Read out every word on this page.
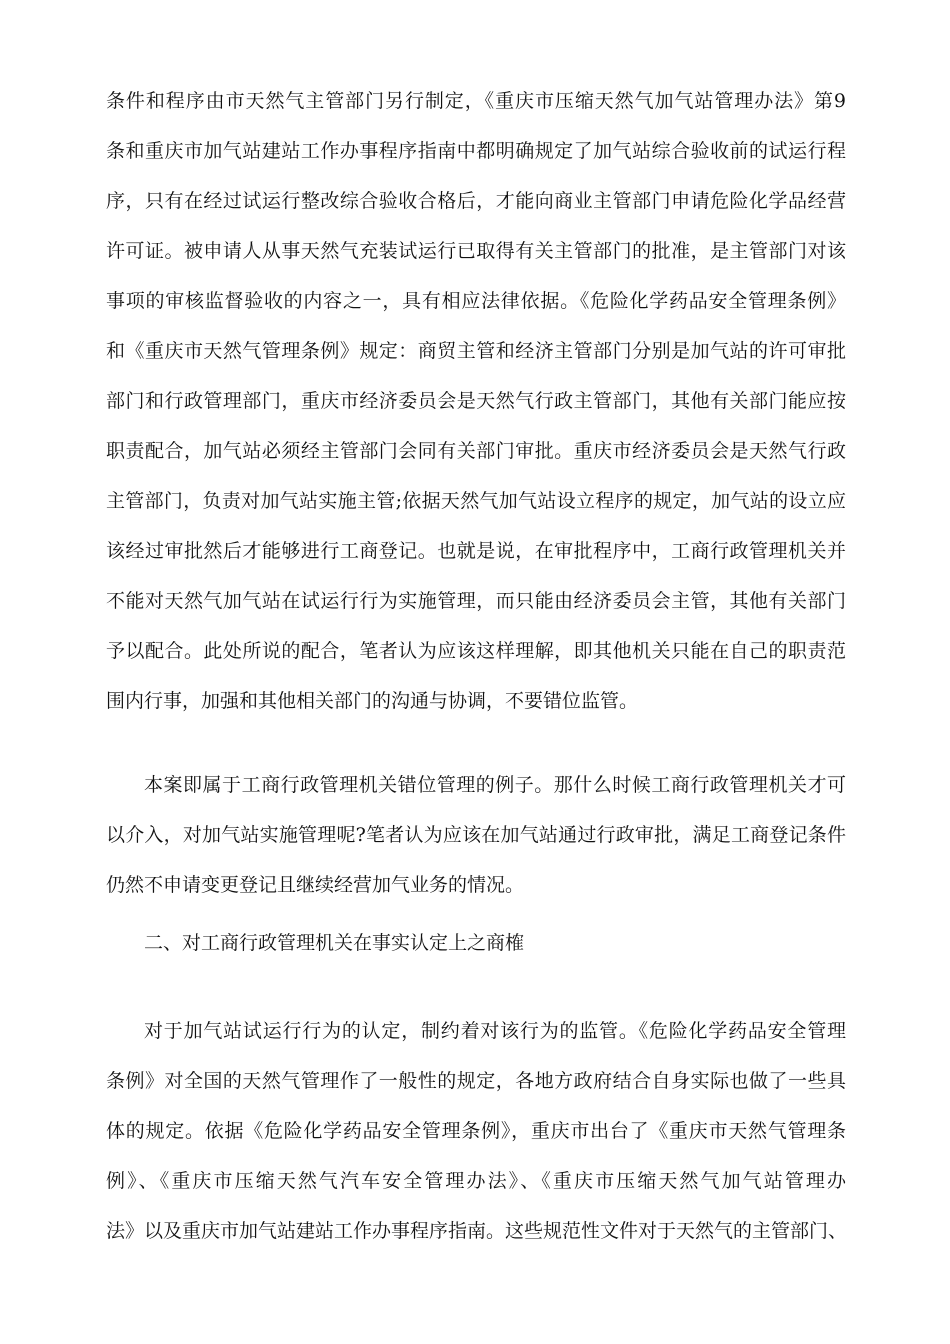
条件和程序由市天然气主管部门另行制定，《重庆市压缩天然气加气站管理办法》第9
条和重庆市加气站建站工作办事程序指南中都明确规定了加气站综合验收前的试运行程
序，只有在经过试运行整改综合验收合格后，才能向商业主管部门申请危险化学品经营
许可证。被申请人从事天然气充装试运行已取得有关主管部门的批准，是主管部门对该
事项的审核监督验收的内容之一，具有相应法律依据。《危险化学药品安全管理条例》
和《重庆市天然气管理条例》规定：商贸主管和经济主管部门分别是加气站的许可审批
部门和行政管理部门，重庆市经济委员会是天然气行政主管部门，其他有关部门能应按
职责配合，加气站必须经主管部门会同有关部门审批。重庆市经济委员会是天然气行政
主管部门，负责对加气站实施主管;依据天然气加气站设立程序的规定，加气站的设立应
该经过审批然后才能够进行工商登记。也就是说，在审批程序中，工商行政管理机关并
不能对天然气加气站在试运行行为实施管理，而只能由经济委员会主管，其他有关部门
予以配合。此处所说的配合，笔者认为应该这样理解，即其他机关只能在自己的职责范
围内行事，加强和其他相关部门的沟通与协调，不要错位监管。
本案即属于工商行政管理机关错位管理的例子。那什么时候工商行政管理机关才可
以介入，对加气站实施管理呢?笔者认为应该在加气站通过行政审批，满足工商登记条件
仍然不申请变更登记且继续经营加气业务的情况。
二、对工商行政管理机关在事实认定上之商榷
对于加气站试运行行为的认定，制约着对该行为的监管。《危险化学药品安全管理
条例》对全国的天然气管理作了一般性的规定，各地方政府结合自身实际也做了一些具
体的规定。依据《危险化学药品安全管理条例》，重庆市出台了《重庆市天然气管理条
例》、《重庆市压缩天然气汽车安全管理办法》、《重庆市压缩天然气加气站管理办
法》以及重庆市加气站建站工作办事程序指南。这些规范性文件对于天然气的主管部门、
